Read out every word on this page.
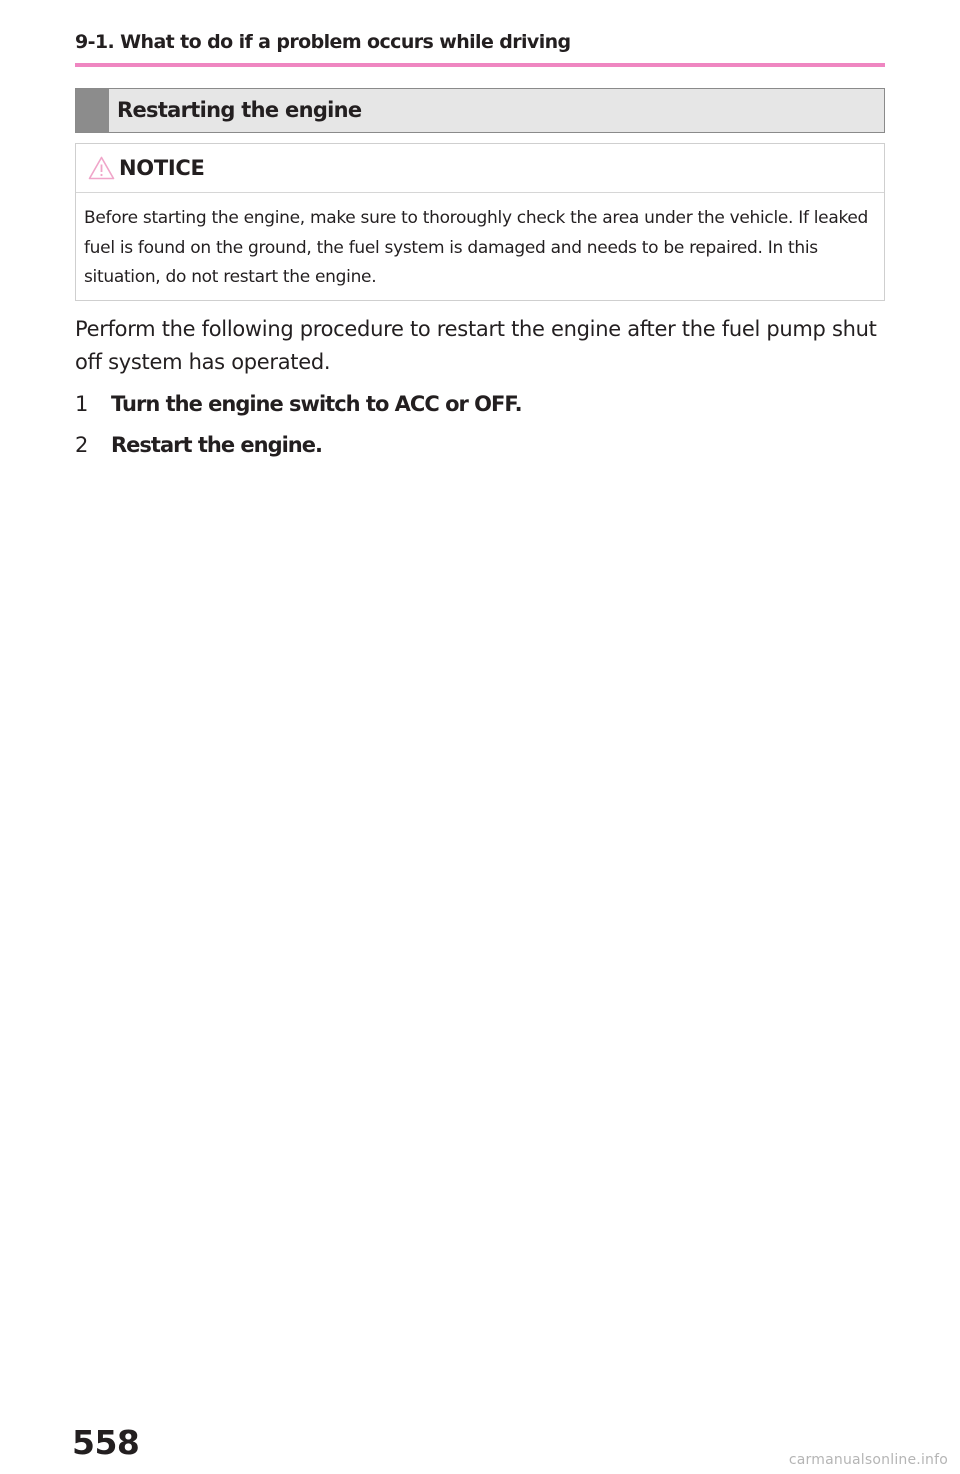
9-1. What to do if a problem occurs while driving
Restarting the engine
NOTICE
Before starting the engine, make sure to thoroughly check the area under the vehicle. If leaked fuel is found on the ground, the fuel system is damaged and needs to be repaired. In this situation, do not restart the engine.
Perform the following procedure to restart the engine after the fuel pump shut off system has operated.
1 Turn the engine switch to ACC or OFF.
2 Restart the engine.
558	carmanualsonline.info
